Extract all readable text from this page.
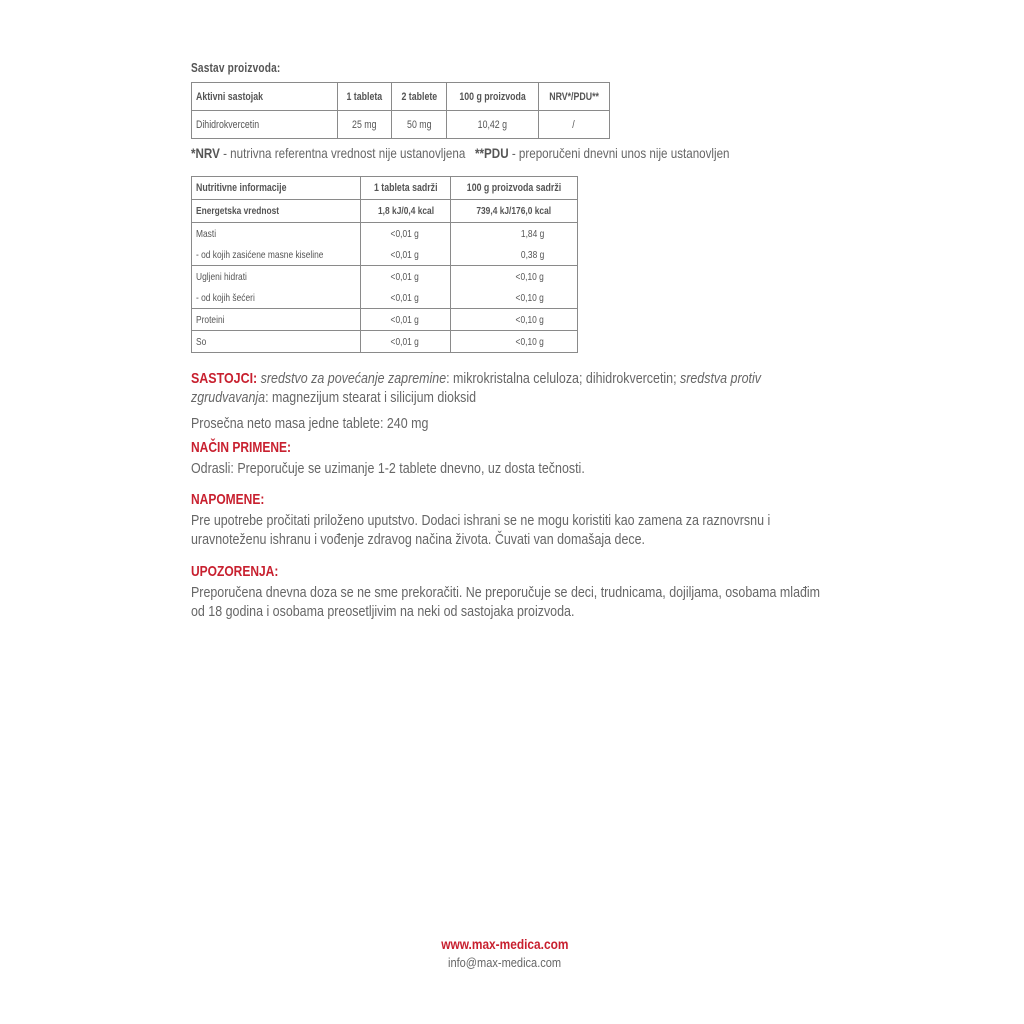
Sastav proizvoda:
Aktivni sastojak	1 tableta	2 tablete	100 g proizvoda	NRV*/PDU**
Dihidrokvercetin	25 mg	50 mg	10,42 g	/
*NRV - nutrivna referentna vrednost nije ustanovljena **PDU - preporučeni dnevni unos nije ustanovljen
Nutritivne informacije	1 tableta sadrži	100 g proizvoda sadrži
Energetska vrednost	1,8 kJ/0,4 kcal	739,4 kJ/176,0 kcal
Masti	<0,01 g	1,84 g
- od kojih zasićene masne kiseline	<0,01 g	0,38 g
Ugljeni hidrati	<0,01 g	<0,10 g
- od kojih šećeri	<0,01 g	<0,10 g
Proteini	<0,01 g	<0,10 g
So	<0,01 g	<0,10 g
SASTOJCI: sredstvo za povećanje zapremine: mikrokristalna celuloza; dihidrokvercetin; sredstva protiv zgrudvavanja: magnezijum stearat i silicijum dioksid
Prosečna neto masa jedne tablete: 240 mg
NAČIN PRIMENE:
Odrasli: Preporučuje se uzimanje 1-2 tablete dnevno, uz dosta tečnosti.
NAPOMENE:
Pre upotrebe pročitati priloženo uputstvo. Dodaci ishrani se ne mogu koristiti kao zamena za raznovrsnu i uravnoteženu ishranu i vođenje zdravog načina života. Čuvati van domašaja dece.
UPOZORENJA:
Preporučena dnevna doza se ne sme prekoračiti. Ne preporučuje se deci, trudnicama, dojiljama, osobama mlađim od 18 godina i osobama preosetljivim na neki od sastojaka proizvoda.
www.max-medica.com
info@max-medica.com
